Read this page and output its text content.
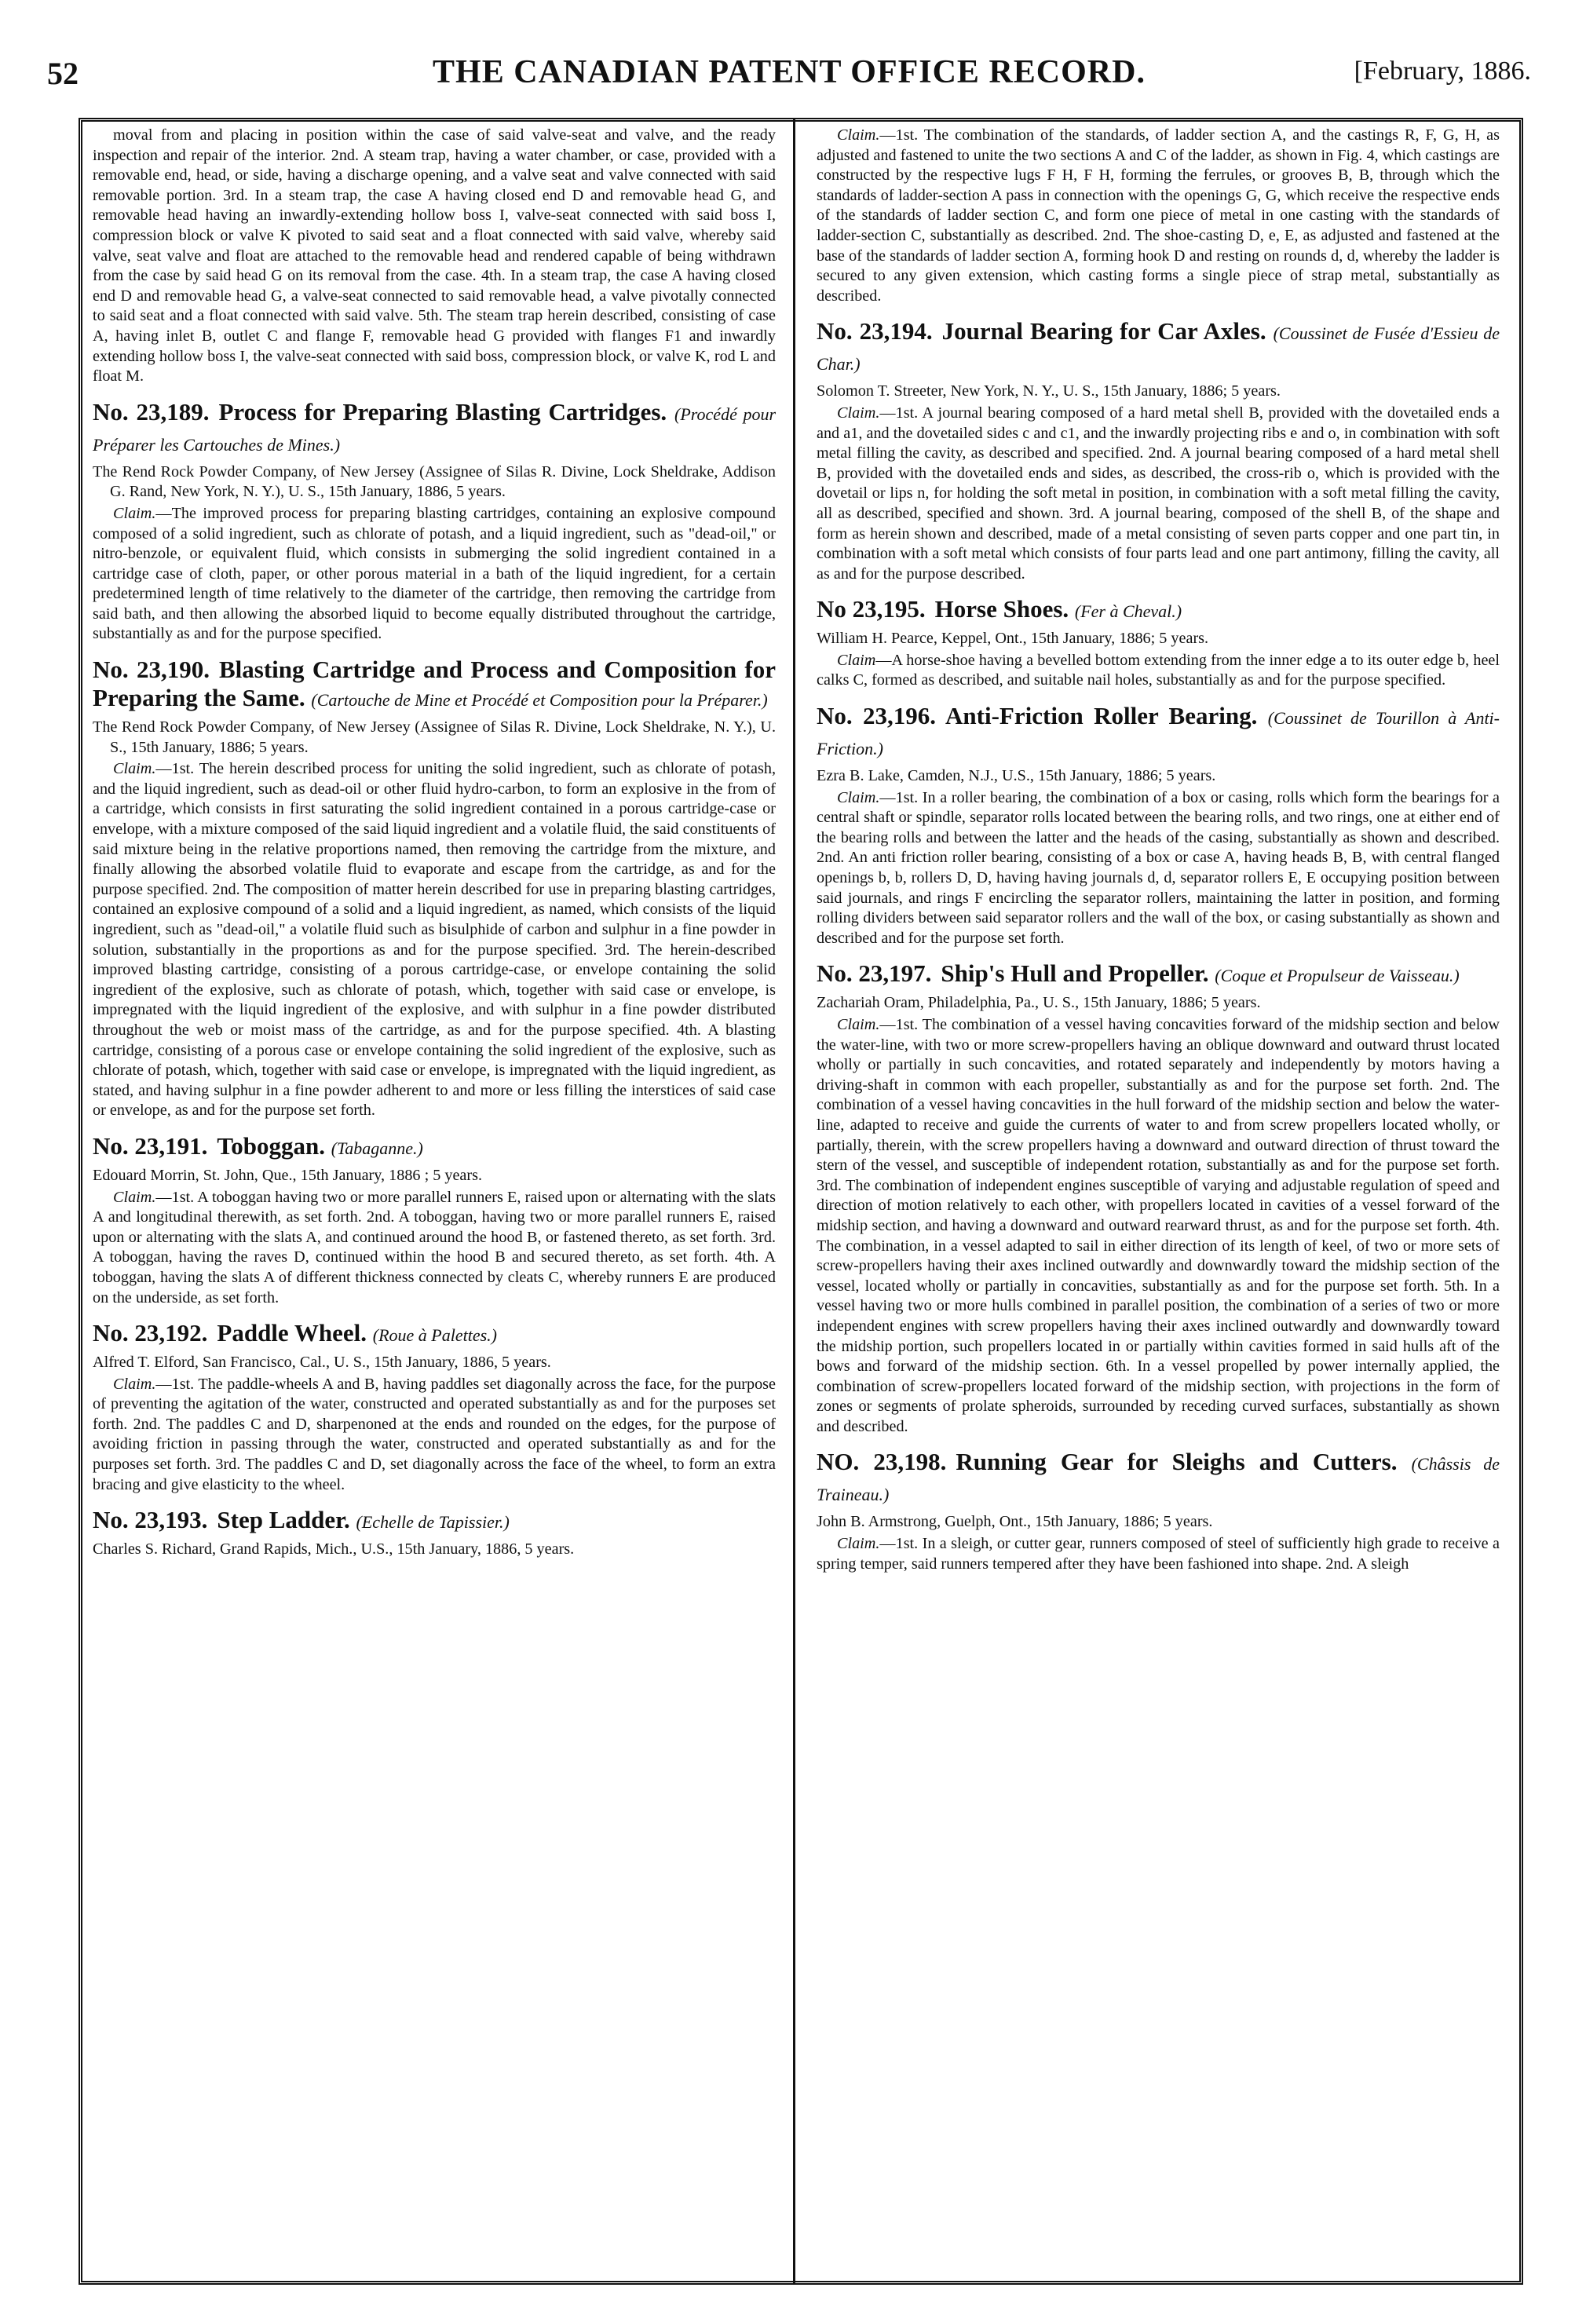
52	THE CANADIAN PATENT OFFICE RECORD.	[February, 1886.

moval from and placing in position within the case of said valve-seat and valve, and the ready inspection and repair of the interior. 2nd. A steam trap, having a water chamber, or case, provided with a removable end, head, or side, having a discharge opening, and a valve seat and valve connected with said removable portion. 3rd. In a steam trap, the case A having closed end D and removable head G, and removable head having an inwardly-extending hollow boss I, valve-seat connected with said boss I, compression block or valve K pivoted to said seat and a float connected with said valve, whereby said valve, seat valve and float are attached to the removable head and rendered capable of being withdrawn from the case by said head G on its removal from the case. 4th. In a steam trap, the case A having closed end D and removable head G, a valve-seat connected to said removable head, a valve pivotally connected to said seat and a float connected with said valve. 5th. The steam trap herein described, consisting of case A, having inlet B, outlet C and flange F, removable head G provided with flanges F1 and inwardly extending hollow boss I, the valve-seat connected with said boss, compression block, or valve K, rod L and float M.

No. 23,189. Process for Preparing Blasting Cartridges. (Procédé pour Préparer les Cartouches de Mines.)

The Rend Rock Powder Company, of New Jersey (Assignee of Silas R. Divine, Lock Sheldrake, Addison G. Rand, New York, N. Y.), U. S., 15th January, 1886, 5 years.

Claim.—The improved process for preparing blasting cartridges, containing an explosive compound composed of a solid ingredient, such as chlorate of potash, and a liquid ingredient, such as "dead-oil," or nitro-benzole, or equivalent fluid, which consists in submerging the solid ingredient contained in a cartridge case of cloth, paper, or other porous material in a bath of the liquid ingredient, for a certain predetermined length of time relatively to the diameter of the cartridge, then removing the cartridge from said bath, and then allowing the absorbed liquid to become equally distributed throughout the cartridge, substantially as and for the purpose specified.

No. 23,190. Blasting Cartridge and Process and Composition for Preparing the Same. (Cartouche de Mine et Procédé et Composition pour la Préparer.)

The Rend Rock Powder Company, of New Jersey (Assignee of Silas R. Divine, Lock Sheldrake, N. Y.), U. S., 15th January, 1886; 5 years.

Claim.—1st. The herein described process for uniting the solid ingredient, such as chlorate of potash, and the liquid ingredient, such as dead-oil or other fluid hydro-carbon, to form an explosive in the from of a cartridge, which consists in first saturating the solid ingredient contained in a porous cartridge-case or envelope, with a mixture composed of the said liquid ingredient and a volatile fluid, the said constituents of said mixture being in the relative proportions named, then removing the cartridge from the mixture, and finally allowing the absorbed volatile fluid to evaporate and escape from the cartridge, as and for the purpose specified. 2nd. The composition of matter herein described for use in preparing blasting cartridges, contained an explosive compound of a solid and a liquid ingredient, as named, which consists of the liquid ingredient, such as "dead-oil," a volatile fluid such as bisulphide of carbon and sulphur in a fine powder in solution, substantially in the proportions as and for the purpose specified. 3rd. The herein-described improved blasting cartridge, consisting of a porous cartridge-case, or envelope containing the solid ingredient of the explosive, such as chlorate of potash, which, together with said case or envelope, is impregnated with the liquid ingredient of the explosive, and with sulphur in a fine powder distributed throughout the web or moist mass of the cartridge, as and for the purpose specified. 4th. A blasting cartridge, consisting of a porous case or envelope containing the solid ingredient of the explosive, such as chlorate of potash, which, together with said case or envelope, is impregnated with the liquid ingredient, as stated, and having sulphur in a fine powder adherent to and more or less filling the interstices of said case or envelope, as and for the purpose set forth.

No. 23,191. Toboggan. (Tabaganne.)

Edouard Morrin, St. John, Que., 15th January, 1886 ; 5 years.

Claim.—1st. A toboggan having two or more parallel runners E, raised upon or alternating with the slats A and longitudinal therewith, as set forth. 2nd. A toboggan, having two or more parallel runners E, raised upon or alternating with the slats A, and continued around the hood B, or fastened thereto, as set forth. 3rd. A toboggan, having the raves D, continued within the hood B and secured thereto, as set forth. 4th. A toboggan, having the slats A of different thickness connected by cleats C, whereby runners E are produced on the underside, as set forth.

No. 23,192. Paddle Wheel. (Roue à Palettes.)

Alfred T. Elford, San Francisco, Cal., U. S., 15th January, 1886, 5 years.

Claim.—1st. The paddle-wheels A and B, having paddles set diagonally across the face, for the purpose of preventing the agitation of the water, constructed and operated substantially as and for the purposes set forth. 2nd. The paddles C and D, sharpenoned at the ends and rounded on the edges, for the purpose of avoiding friction in passing through the water, constructed and operated substantially as and for the purposes set forth. 3rd. The paddles C and D, set diagonally across the face of the wheel, to form an extra bracing and give elasticity to the wheel.

No. 23,193. Step Ladder. (Echelle de Tapissier.)

Charles S. Richard, Grand Rapids, Mich., U.S., 15th January, 1886, 5 years.

Claim.—1st. The combination of the standards, of ladder section A, and the castings R, F, G, H, as adjusted and fastened to unite the two sections A and C of the ladder, as shown in Fig. 4, which castings are constructed by the respective lugs F H, F H, forming the ferrules, or grooves B, B, through which the standards of ladder-section A pass in connection with the openings G, G, which receive the respective ends of the standards of ladder section C, and form one piece of metal in one casting with the standards of ladder-section C, substantially as described. 2nd. The shoe-casting D, e, E, as adjusted and fastened at the base of the standards of ladder section A, forming hook D and resting on rounds d, d, whereby the ladder is secured to any given extension, which casting forms a single piece of strap metal, substantially as described.

No. 23,194. Journal Bearing for Car Axles. (Coussinet de Fusée d'Essieu de Char.)

Solomon T. Streeter, New York, N. Y., U. S., 15th January, 1886; 5 years.

Claim.—1st. A journal bearing composed of a hard metal shell B, provided with the dovetailed ends a and a1, and the dovetailed sides c and c1, and the inwardly projecting ribs e and o, in combination with soft metal filling the cavity, as described and specified. 2nd. A journal bearing composed of a hard metal shell B, provided with the dovetailed ends and sides, as described, the cross-rib o, which is provided with the dovetail or lips n, for holding the soft metal in position, in combination with a soft metal filling the cavity, all as described, specified and shown. 3rd. A journal bearing, composed of the shell B, of the shape and form as herein shown and described, made of a metal consisting of seven parts copper and one part tin, in combination with a soft metal which consists of four parts lead and one part antimony, filling the cavity, all as and for the purpose described.

No 23,195. Horse Shoes. (Fer à Cheval.)

William H. Pearce, Keppel, Ont., 15th January, 1886; 5 years.

Claim—A horse-shoe having a bevelled bottom extending from the inner edge a to its outer edge b, heel calks C, formed as described, and suitable nail holes, substantially as and for the purpose specified.

No. 23,196. Anti-Friction Roller Bearing. (Coussinet de Tourillon à Anti-Friction.)

Ezra B. Lake, Camden, N.J., U.S., 15th January, 1886; 5 years.

Claim.—1st. In a roller bearing, the combination of a box or casing, rolls which form the bearings for a central shaft or spindle, separator rolls located between the bearing rolls, and two rings, one at either end of the bearing rolls and between the latter and the heads of the casing, substantially as shown and described. 2nd. An anti friction roller bearing, consisting of a box or case A, having heads B, B, with central flanged openings b, b, rollers D, D, having having journals d, d, separator rollers E, E occupying position between said journals, and rings F encircling the separator rollers, maintaining the latter in position, and forming rolling dividers between said separator rollers and the wall of the box, or casing substantially as shown and described and for the purpose set forth.

No. 23,197. Ship's Hull and Propeller. (Coque et Propulseur de Vaisseau.)

Zachariah Oram, Philadelphia, Pa., U. S., 15th January, 1886; 5 years.

Claim.—1st. The combination of a vessel having concavities forward of the midship section and below the water-line, with two or more screw-propellers having an oblique downward and outward thrust located wholly or partially in such concavities, and rotated separately and independently by motors having a driving-shaft in common with each propeller, substantially as and for the purpose set forth. 2nd. The combination of a vessel having concavities in the hull forward of the midship section and below the water-line, adapted to receive and guide the currents of water to and from screw propellers located wholly, or partially, therein, with the screw propellers having a downward and outward direction of thrust toward the stern of the vessel, and susceptible of independent rotation, substantially as and for the purpose set forth. 3rd. The combination of independent engines susceptible of varying and adjustable regulation of speed and direction of motion relatively to each other, with propellers located in cavities of a vessel forward of the midship section, and having a downward and outward rearward thrust, as and for the purpose set forth. 4th. The combination, in a vessel adapted to sail in either direction of its length of keel, of two or more sets of screw-propellers having their axes inclined outwardly and downwardly toward the midship section of the vessel, located wholly or partially in concavities, substantially as and for the purpose set forth. 5th. In a vessel having two or more hulls combined in parallel position, the combination of a series of two or more independent engines with screw propellers having their axes inclined outwardly and downwardly toward the midship portion, such propellers located in or partially within cavities formed in said hulls aft of the bows and forward of the midship section. 6th. In a vessel propelled by power internally applied, the combination of screw-propellers located forward of the midship section, with projections in the form of zones or segments of prolate spheroids, surrounded by receding curved surfaces, substantially as shown and described.

NO. 23,198. Running Gear for Sleighs and Cutters. (Châssis de Traineau.)

John B. Armstrong, Guelph, Ont., 15th January, 1886; 5 years.

Claim.—1st. In a sleigh, or cutter gear, runners composed of steel of sufficiently high grade to receive a spring temper, said runners tempered after they have been fashioned into shape. 2nd. A sleigh
